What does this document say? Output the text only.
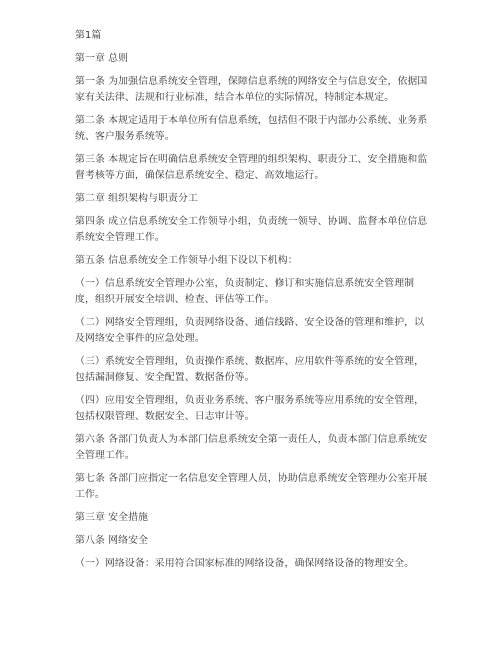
第1篇

第一章 总则

第一条 为加强信息系统安全管理，保障信息系统的网络安全与信息安全，依据国家有关法律、法规和行业标准，结合本单位的实际情况，特制定本规定。

第二条 本规定适用于本单位所有信息系统，包括但不限于内部办公系统、业务系统、客户服务系统等。

第三条 本规定旨在明确信息系统安全管理的组织架构、职责分工、安全措施和监督考核等方面，确保信息系统安全、稳定、高效地运行。

第二章 组织架构与职责分工

第四条 成立信息系统安全工作领导小组，负责统一领导、协调、监督本单位信息系统安全管理工作。

第五条 信息系统安全工作领导小组下设以下机构：

（一）信息系统安全管理办公室，负责制定、修订和实施信息系统安全管理制度，组织开展安全培训、检查、评估等工作。

（二）网络安全管理组，负责网络设备、通信线路、安全设备的管理和维护，以及网络安全事件的应急处理。

（三）系统安全管理组，负责操作系统、数据库、应用软件等系统的安全管理，包括漏洞修复、安全配置、数据备份等。

（四）应用安全管理组，负责业务系统、客户服务系统等应用系统的安全管理，包括权限管理、数据安全、日志审计等。

第六条 各部门负责人为本部门信息系统安全第一责任人，负责本部门信息系统安全管理工作。

第七条 各部门应指定一名信息安全管理人员，协助信息系统安全管理办公室开展工作。

第三章 安全措施

第八条 网络安全

（一）网络设备：采用符合国家标准的网络设备，确保网络设备的物理安全。
